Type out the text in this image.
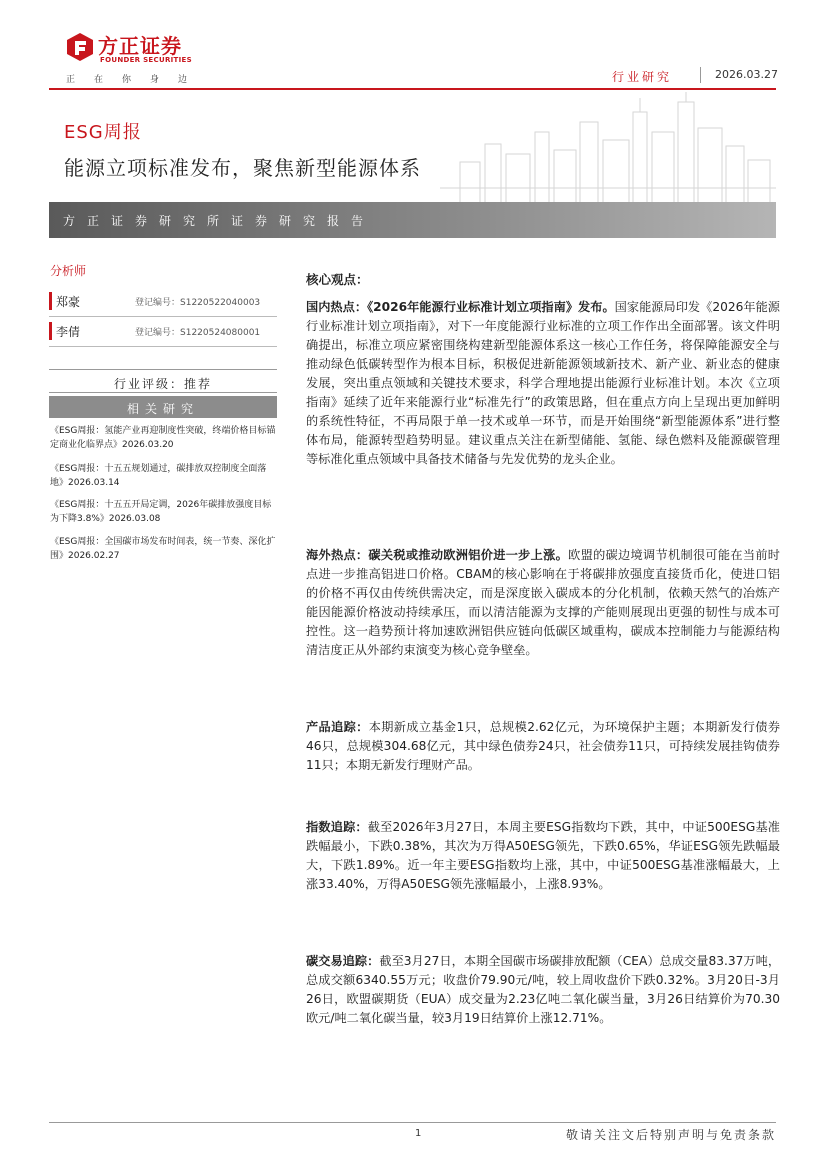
方正证券
FOUNDER SECURITIES
正在你身边	行业研究	2026.03.27
ESG周报
能源立项标准发布，聚焦新型能源体系
方正证券研究所证券研究报告
分析师
郑豪	登记编号：S1220522040003
李倩	登记编号：S1220524080001
行业评级：推荐
相关研究
《ESG周报：氢能产业再迎制度性突破，终端价格目标锚定商业化临界点》2026.03.20
《ESG周报：十五五规划通过，碳排放双控制度全面落地》2026.03.14
《ESG周报：十五五开局定调，2026年碳排放强度目标为下降3.8%》2026.03.08
《ESG周报：全国碳市场发布时间表，统一节奏、深化扩围》2026.02.27
核心观点：
国内热点：《2026年能源行业标准计划立项指南》发布。国家能源局印发《2026年能源行业标准计划立项指南》，对下一年度能源行业标准的立项工作作出全面部署。该文件明确提出，标准立项应紧密围绕构建新型能源体系这一核心工作任务，将保障能源安全与推动绿色低碳转型作为根本目标，积极促进新能源领域新技术、新产业、新业态的健康发展，突出重点领域和关键技术要求，科学合理地提出能源行业标准计划。本次《立项指南》延续了近年来能源行业“标准先行”的政策思路，但在重点方向上呈现出更加鲜明的系统性特征，不再局限于单一技术或单一环节，而是开始围绕“新型能源体系”进行整体布局，能源转型趋势明显。建议重点关注在新型储能、氢能、绿色燃料及能源碳管理等标准化重点领域中具备技术储备与先发优势的龙头企业。
海外热点：碳关税或推动欧洲铝价进一步上涨。欧盟的碳边境调节机制很可能在当前时点进一步推高铝进口价格。CBAM的核心影响在于将碳排放强度直接货币化，使进口铝的价格不再仅由传统供需决定，而是深度嵌入碳成本的分化机制，依赖天然气的冶炼产能因能源价格波动持续承压，而以清洁能源为支撑的产能则展现出更强的韧性与成本可控性。这一趋势预计将加速欧洲铝供应链向低碳区域重构，碳成本控制能力与能源结构清洁度正从外部约束演变为核心竞争壁垒。
产品追踪：本期新成立基金1只，总规模2.62亿元，为环境保护主题；本期新发行债券46只，总规模304.68亿元，其中绿色债券24只，社会债券11只，可持续发展挂钩债券11只；本期无新发行理财产品。
指数追踪：截至2026年3月27日，本周主要ESG指数均下跌，其中，中证500ESG基准跌幅最小，下跌0.38%，其次为万得A50ESG领先，下跌0.65%，华证ESG领先跌幅最大，下跌1.89%。近一年主要ESG指数均上涨，其中，中证500ESG基准涨幅最大，上涨33.40%，万得A50ESG领先涨幅最小，上涨8.93%。
碳交易追踪：截至3月27日，本期全国碳市场碳排放配额（CEA）总成交量83.37万吨，总成交额6340.55万元；收盘价79.90元/吨，较上周收盘价下跌0.32%。3月20日-3月26日，欧盟碳期货（EUA）成交量为2.23亿吨二氧化碳当量，3月26日结算价为70.30欧元/吨二氧化碳当量，较3月19日结算价上涨12.71%。
1	敬请关注文后特别声明与免责条款
